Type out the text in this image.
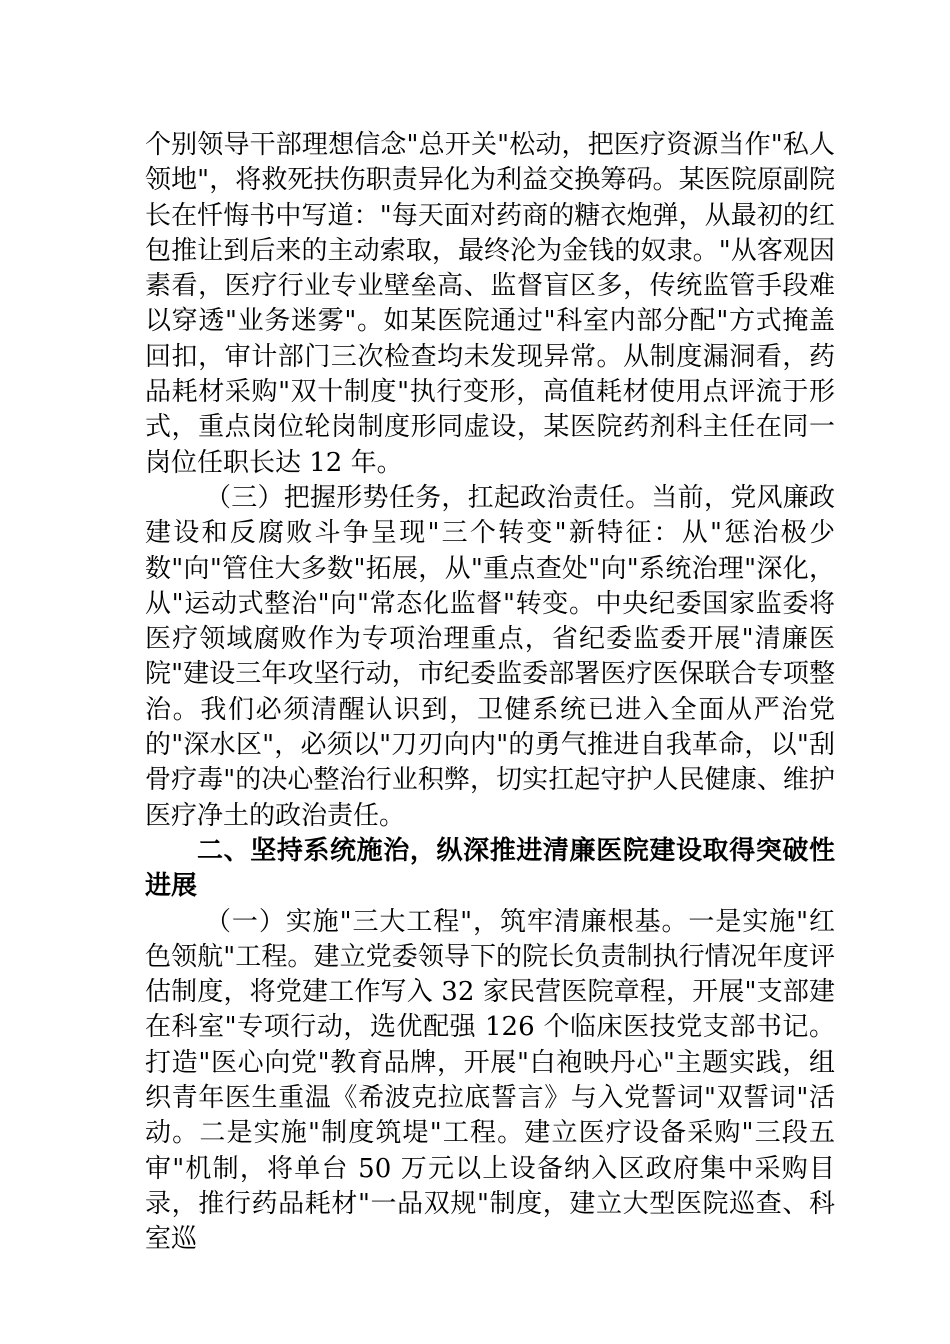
个别领导干部理想信念"总开关"松动，把医疗资源当作"私人领地"，将救死扶伤职责异化为利益交换筹码。某医院原副院长在忏悔书中写道："每天面对药商的糖衣炮弹，从最初的红包推让到后来的主动索取，最终沦为金钱的奴隶。"从客观因素看，医疗行业专业壁垒高、监督盲区多，传统监管手段难以穿透"业务迷雾"。如某医院通过"科室内部分配"方式掩盖回扣，审计部门三次检查均未发现异常。从制度漏洞看，药品耗材采购"双十制度"执行变形，高值耗材使用点评流于形式，重点岗位轮岗制度形同虚设，某医院药剂科主任在同一岗位任职长达 12 年。

（三）把握形势任务，扛起政治责任。当前，党风廉政建设和反腐败斗争呈现"三个转变"新特征：从"惩治极少数"向"管住大多数"拓展，从"重点查处"向"系统治理"深化，从"运动式整治"向"常态化监督"转变。中央纪委国家监委将医疗领域腐败作为专项治理重点，省纪委监委开展"清廉医院"建设三年攻坚行动，市纪委监委部署医疗医保联合专项整治。我们必须清醒认识到，卫健系统已进入全面从严治党的"深水区"，必须以"刀刃向内"的勇气推进自我革命，以"刮骨疗毒"的决心整治行业积弊，切实扛起守护人民健康、维护医疗净土的政治责任。

二、坚持系统施治，纵深推进清廉医院建设取得突破性进展

（一）实施"三大工程"，筑牢清廉根基。一是实施"红色领航"工程。建立党委领导下的院长负责制执行情况年度评估制度，将党建工作写入 32 家民营医院章程，开展"支部建在科室"专项行动，选优配强 126 个临床医技党支部书记。打造"医心向党"教育品牌，开展"白袍映丹心"主题实践，组织青年医生重温《希波克拉底誓言》与入党誓词"双誓词"活动。二是实施"制度筑堤"工程。建立医疗设备采购"三段五审"机制，将单台 50 万元以上设备纳入区政府集中采购目录，推行药品耗材"一品双规"制度，建立大型医院巡查、科室巡
